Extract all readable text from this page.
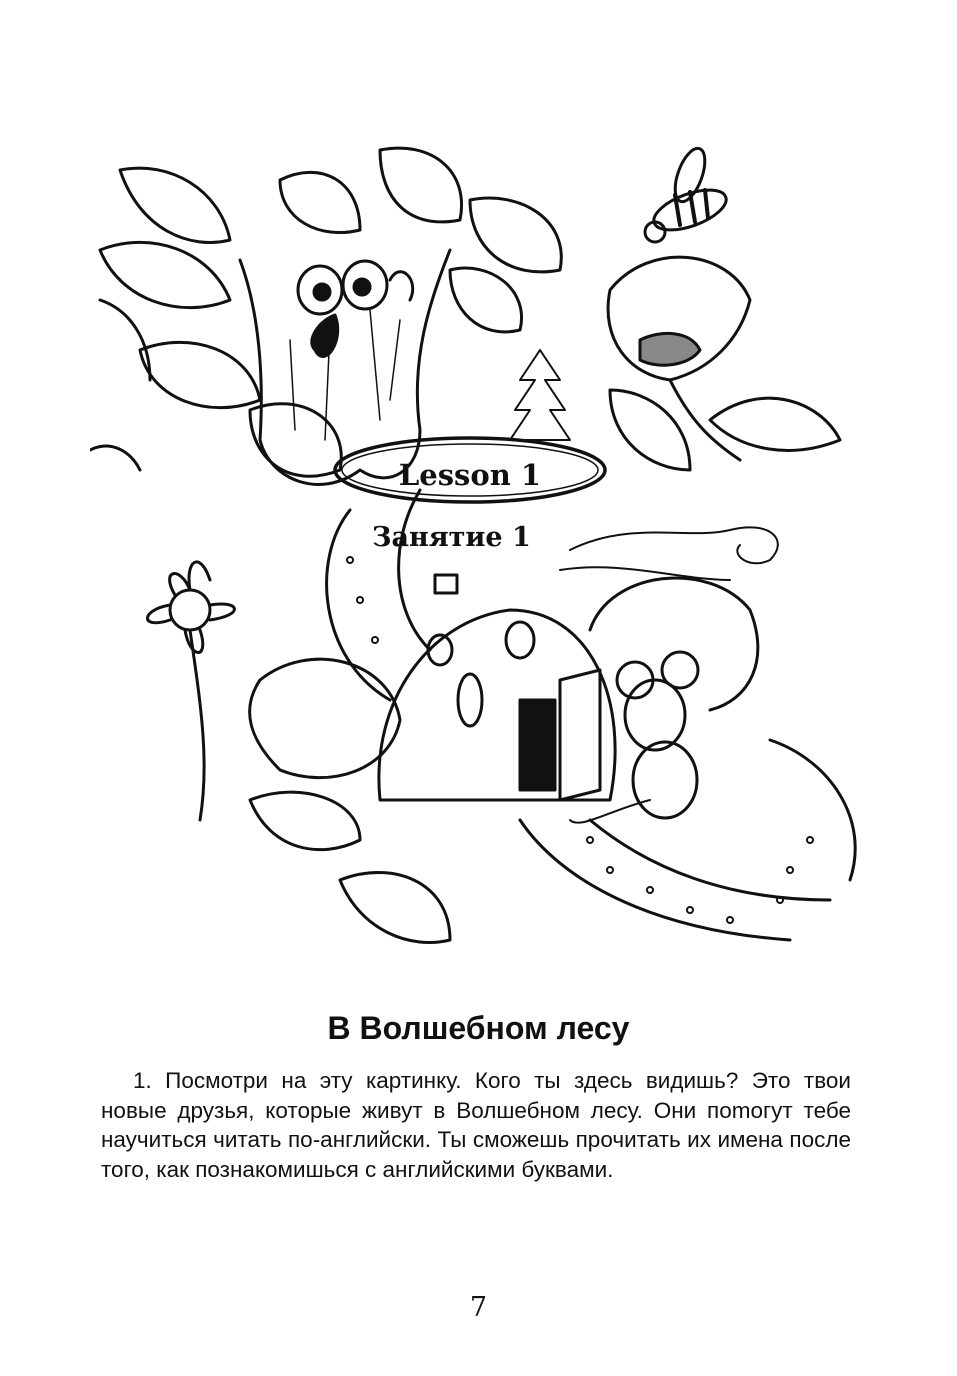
Lesson 1
Занятие 1
В Волшебном лесу
1. Посмотри на эту картинку. Кого ты здесь видишь? Это твои новые друзья, которые живут в Волшебном лесу. Они поmогут тебе научиться читать по-английски. Ты сможешь прочитать их имена после того, как познакомишься с английскими буквами.
7
